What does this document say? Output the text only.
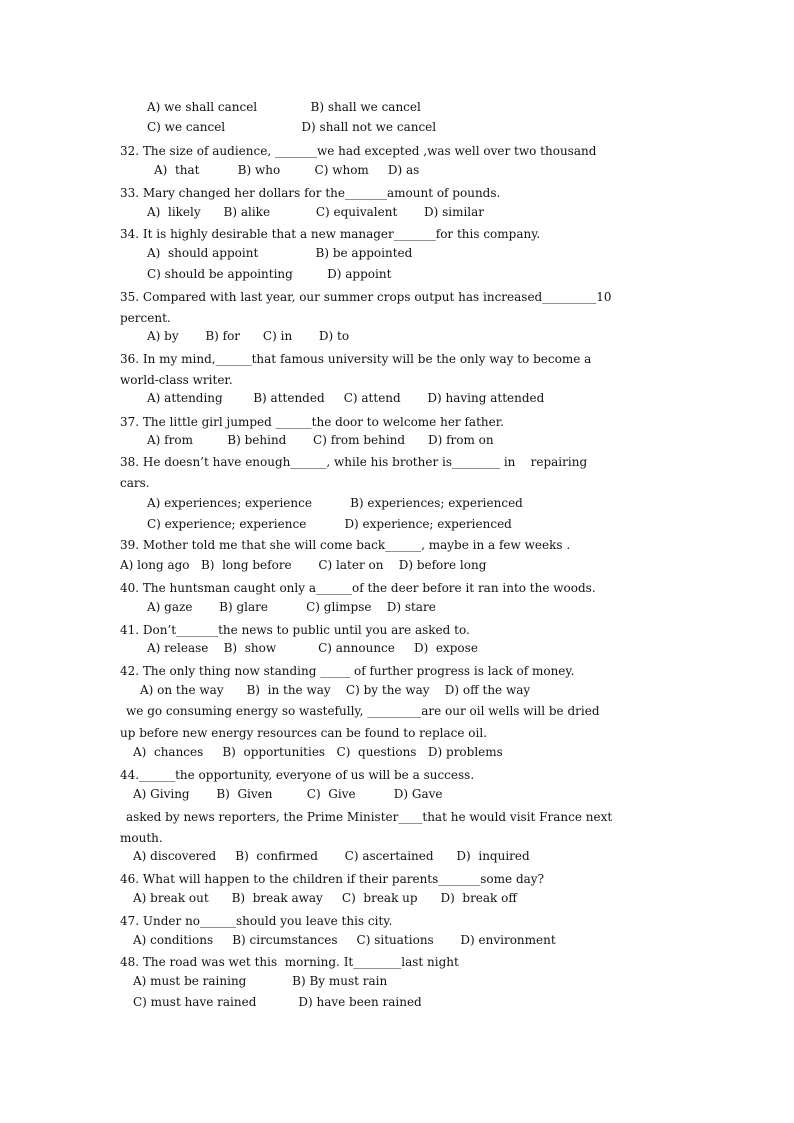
A) we shall cancel              B) shall we cancel
C) we cancel                    D) shall not we cancel
32. The size of audience, _______we had excepted ,was well over two thousand
A)  that          B) who         C) whom     D) as
33. Mary changed her dollars for the_______amount of pounds.
A)  likely      B) alike            C) equivalent       D) similar
34. It is highly desirable that a new manager_______for this company.
A)  should appoint               B) be appointed
C) should be appointing         D) appoint
35. Compared with last year, our summer crops output has increased_________10
percent.
A) by       B) for      C) in       D) to
36. In my mind,______that famous university will be the only way to become a
world-class writer.
A) attending        B) attended     C) attend       D) having attended
37. The little girl jumped ______the door to welcome her father.
A) from         B) behind       C) from behind      D) from on
38. He doesn’t have enough______, while his brother is________ in    repairing
cars.
A) experiences; experience          B) experiences; experienced
C) experience; experience          D) experience; experienced
39. Mother told me that she will come back______, maybe in a few weeks .
A) long ago   B)  long before       C) later on    D) before long
40. The huntsman caught only a______of the deer before it ran into the woods.
A) gaze       B) glare          C) glimpse    D) stare
41. Don’t_______the news to public until you are asked to.
A) release    B)  show           C) announce     D)  expose
42. The only thing now standing _____ of further progress is lack of money.
A) on the way      B)  in the way    C) by the way    D) off the way
we go consuming energy so wastefully, _________are our oil wells will be dried
up before new energy resources can be found to replace oil.
A)  chances     B)  opportunities   C)  questions   D) problems
44.______the opportunity, everyone of us will be a success.
A) Giving       B)  Given         C)  Give          D) Gave
asked by news reporters, the Prime Minister____that he would visit France next
mouth.
A) discovered     B)  confirmed       C) ascertained      D)  inquired
46. What will happen to the children if their parents_______some day?
A) break out      B)  break away     C)  break up      D)  break off
47. Under no______should you leave this city.
A) conditions     B) circumstances     C) situations       D) environment
48. The road was wet this  morning. It________last night
A) must be raining            B) By must rain
C) must have rained           D) have been rained
